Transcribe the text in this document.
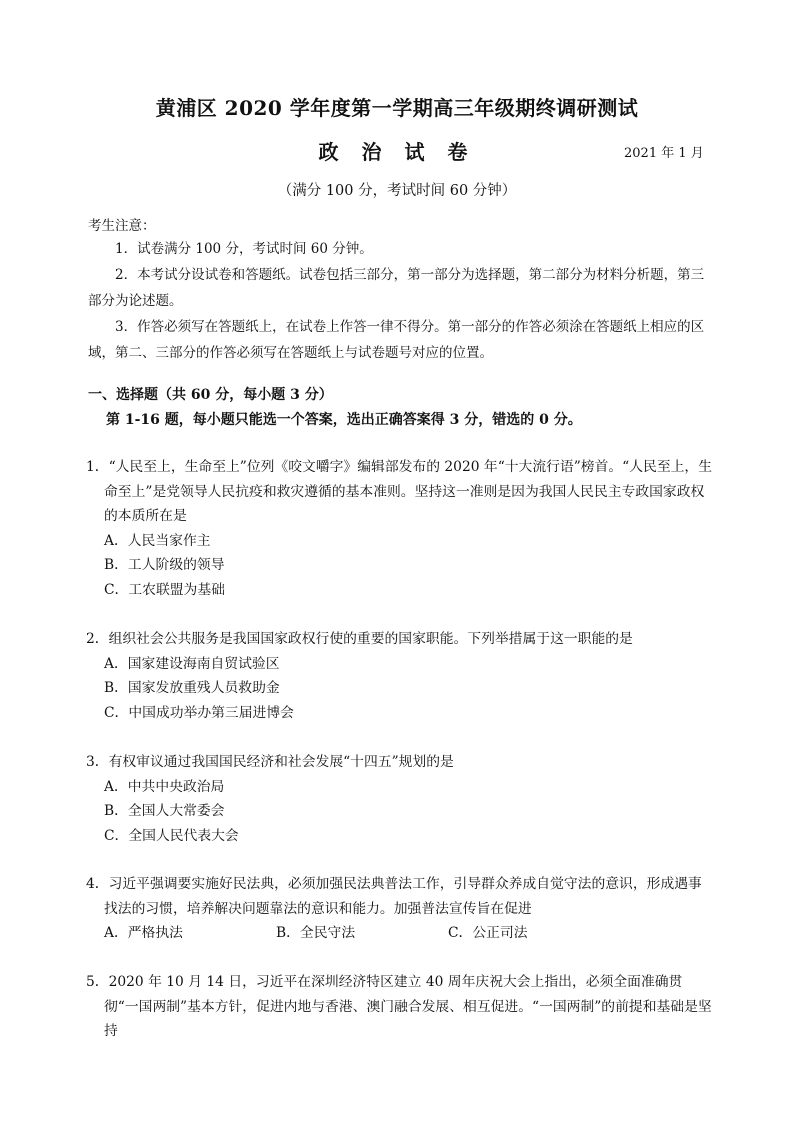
黄浦区 2020 学年度第一学期高三年级期终调研测试
政 治 试 卷	2021 年 1 月
（满分 100 分，考试时间 60 分钟）
考生注意：

1．试卷满分 100 分，考试时间 60 分钟。

2．本考试分设试卷和答题纸。试卷包括三部分，第一部分为选择题，第二部分为材料分析题，第三部分为论述题。

3．作答必须写在答题纸上，在试卷上作答一律不得分。第一部分的作答必须涂在答题纸上相应的区域，第二、三部分的作答必须写在答题纸上与试卷题号对应的位置。

一、选择题（共 60 分，每小题 3 分）
第 1-16 题，每小题只能选一个答案，选出正确答案得 3 分，错选的 0 分。
1．“人民至上，生命至上”位列《咬文嚼字》编辑部发布的 2020 年“十大流行语”榜首。“人民至上，生命至上”是党领导人民抗疫和救灾遵循的基本准则。坚持这一准则是因为我国人民民主专政国家政权的本质所在是
A．人民当家作主
B．工人阶级的领导
C．工农联盟为基础
2．组织社会公共服务是我国国家政权行使的重要的国家职能。下列举措属于这一职能的是
A．国家建设海南自贸试验区
B．国家发放重残人员救助金
C．中国成功举办第三届进博会
3．有权审议通过我国国民经济和社会发展“十四五”规划的是
A．中共中央政治局
B．全国人大常委会
C．全国人民代表大会
4．习近平强调要实施好民法典，必须加强民法典普法工作，引导群众养成自觉守法的意识，形成遇事找法的习惯，培养解决问题靠法的意识和能力。加强普法宣传旨在促进
A．严格执法	B．全民守法	C．公正司法
5．2020 年 10 月 14 日，习近平在深圳经济特区建立 40 周年庆祝大会上指出，必须全面准确贯彻“一国两制”基本方针，促进内地与香港、澳门融合发展、相互促进。“一国两制”的前提和基础是坚持
